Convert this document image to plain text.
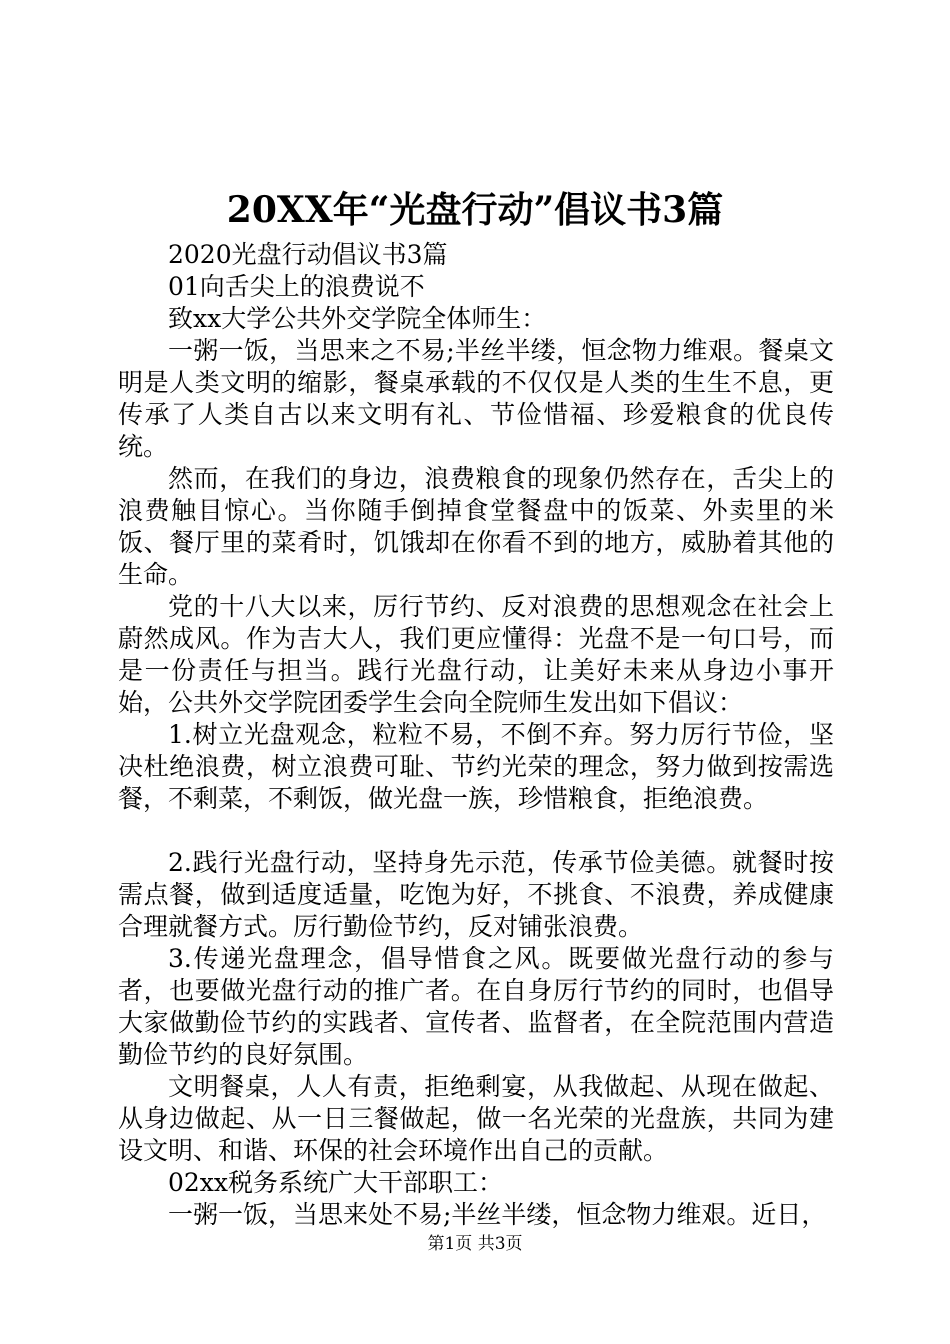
20XX年“光盘行动”倡议书3篇

2020光盘行动倡议书3篇

01向舌尖上的浪费说不

致xx大学公共外交学院全体师生：

一粥一饭，当思来之不易;半丝半缕，恒念物力维艰。餐桌文明是人类文明的缩影，餐桌承载的不仅仅是人类的生生不息，更传承了人类自古以来文明有礼、节俭惜福、珍爱粮食的优良传统。

然而，在我们的身边，浪费粮食的现象仍然存在，舌尖上的浪费触目惊心。当你随手倒掉食堂餐盘中的饭菜、外卖里的米饭、餐厅里的菜肴时，饥饿却在你看不到的地方，威胁着其他的生命。

党的十八大以来，厉行节约、反对浪费的思想观念在社会上蔚然成风。作为吉大人，我们更应懂得：光盘不是一句口号，而是一份责任与担当。践行光盘行动，让美好未来从身边小事开始，公共外交学院团委学生会向全院师生发出如下倡议：

1.树立光盘观念，粒粒不易，不倒不弃。努力厉行节俭，坚决杜绝浪费，树立浪费可耻、节约光荣的理念，努力做到按需选餐，不剩菜，不剩饭，做光盘一族，珍惜粮食，拒绝浪费。

2.践行光盘行动，坚持身先示范，传承节俭美德。就餐时按需点餐，做到适度适量，吃饱为好，不挑食、不浪费，养成健康合理就餐方式。厉行勤俭节约，反对铺张浪费。

3.传递光盘理念，倡导惜食之风。既要做光盘行动的参与者，也要做光盘行动的推广者。在自身厉行节约的同时，也倡导大家做勤俭节约的实践者、宣传者、监督者，在全院范围内营造勤俭节约的良好氛围。

文明餐桌，人人有责，拒绝剩宴，从我做起、从现在做起、从身边做起、从一日三餐做起，做一名光荣的光盘族，共同为建设文明、和谐、环保的社会环境作出自己的贡献。

02xx税务系统广大干部职工：

一粥一饭，当思来处不易;半丝半缕，恒念物力维艰。近日，

第1页 共3页
